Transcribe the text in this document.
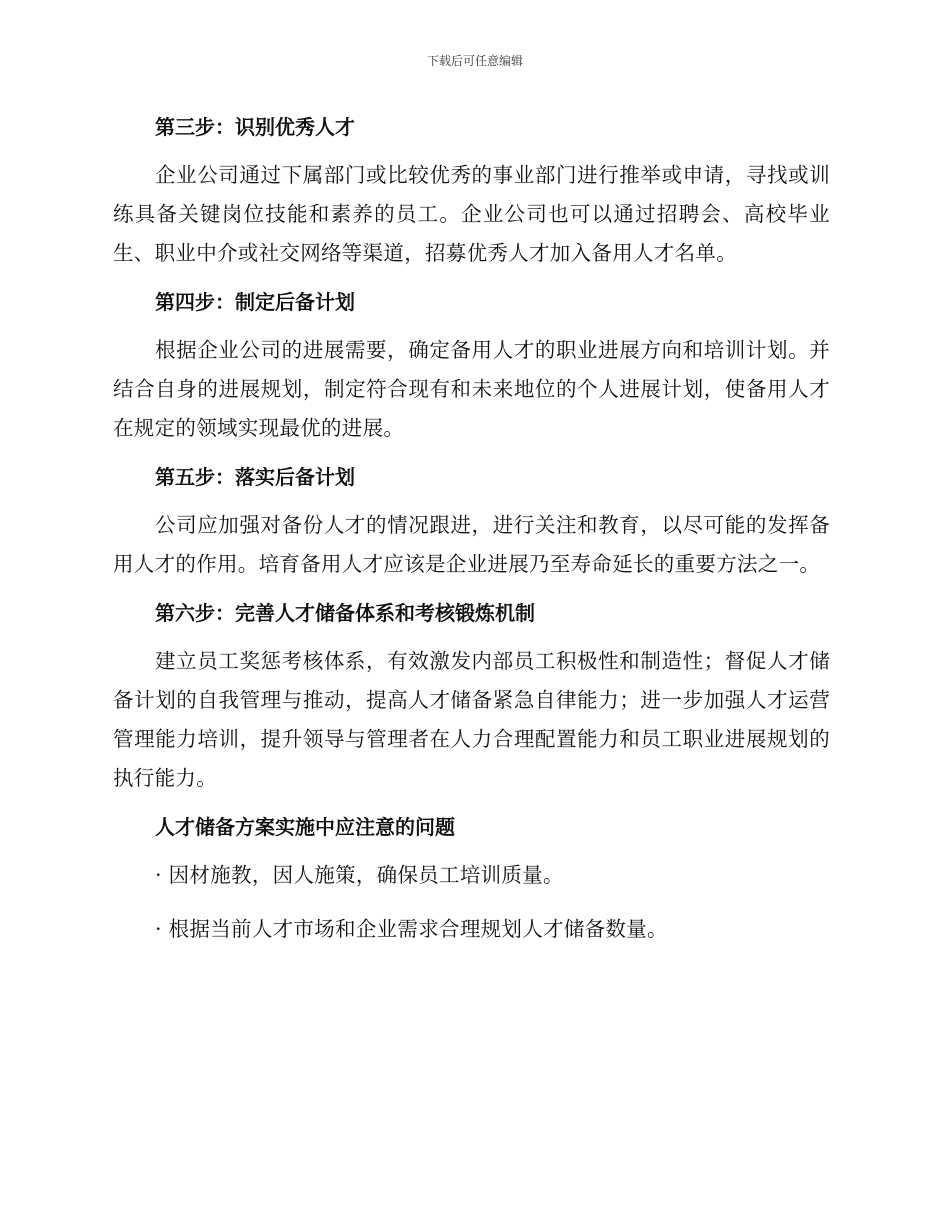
下载后可任意编辑
第三步：识别优秀人才

企业公司通过下属部门或比较优秀的事业部门进行推举或申请，寻找或训练具备关键岗位技能和素养的员工。企业公司也可以通过招聘会、高校毕业生、职业中介或社交网络等渠道，招募优秀人才加入备用人才名单。

第四步：制定后备计划

根据企业公司的进展需要，确定备用人才的职业进展方向和培训计划。并结合自身的进展规划，制定符合现有和未来地位的个人进展计划，使备用人才在规定的领域实现最优的进展。

第五步：落实后备计划

公司应加强对备份人才的情况跟进，进行关注和教育，以尽可能的发挥备用人才的作用。培育备用人才应该是企业进展乃至寿命延长的重要方法之一。

第六步：完善人才储备体系和考核锻炼机制

建立员工奖惩考核体系，有效激发内部员工积极性和制造性；督促人才储备计划的自我管理与推动，提高人才储备紧急自律能力；进一步加强人才运营管理能力培训，提升领导与管理者在人力合理配置能力和员工职业进展规划的执行能力。

人才储备方案实施中应注意的问题

· 因材施教，因人施策，确保员工培训质量。

· 根据当前人才市场和企业需求合理规划人才储备数量。
